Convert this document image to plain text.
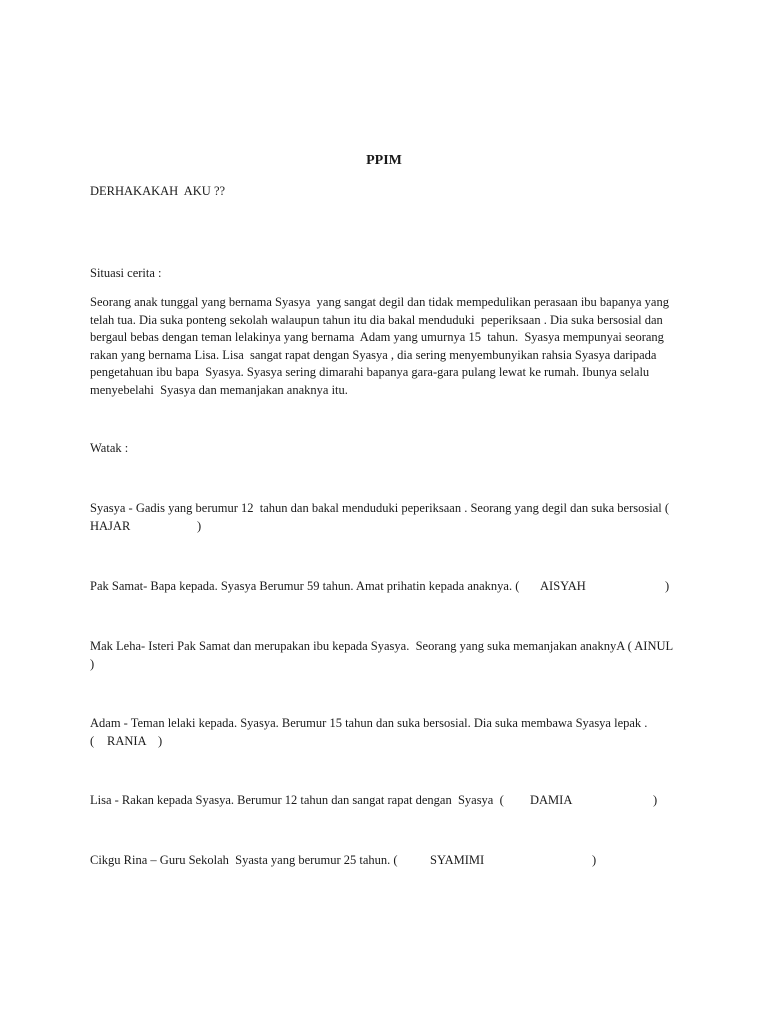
PPIM
DERHAKAKAH  AKU ??
Situasi cerita :
Seorang anak tunggal yang bernama Syasya  yang sangat degil dan tidak mempedulikan perasaan ibu bapanya yang
telah tua. Dia suka ponteng sekolah walaupun tahun itu dia bakal menduduki  peperiksaan . Dia suka bersosial dan
bergaul bebas dengan teman lelakinya yang bernama  Adam yang umurnya 15  tahun.  Syasya mempunyai seorang
rakan yang bernama Lisa. Lisa  sangat rapat dengan Syasya , dia sering menyembunyikan rahsia Syasya daripada
pengetahuan ibu bapa  Syasya. Syasya sering dimarahi bapanya gara-gara pulang lewat ke rumah. Ibunya selalu
menyebelahi  Syasya dan memanjakan anaknya itu.
Watak :
Syasya - Gadis yang berumur 12  tahun dan bakal menduduki peperiksaan . Seorang yang degil dan suka bersosial (

HAJAR

	)

Pak Samat- Bapa kepada. Syasya Berumur 59 tahun. Amat prihatin kepada anaknya. (

AISYAH

	)

Mak Leha- Isteri Pak Samat dan merupakan ibu kepada Syasya.  Seorang yang suka memanjakan anaknyA ( AINUL
)
Adam - Teman lelaki kepada. Syasya. Berumur 15 tahun dan suka bersosial. Dia suka membawa Syasya lepak .

(

RANIA

)

Lisa - Rakan kepada Syasya. Berumur 12 tahun dan sangat rapat dengan  Syasya  (

DAMIA

	)

Cikgu Rina – Guru Sekolah  Syasta yang berumur 25 tahun. (

	SYAMIMI

	)
